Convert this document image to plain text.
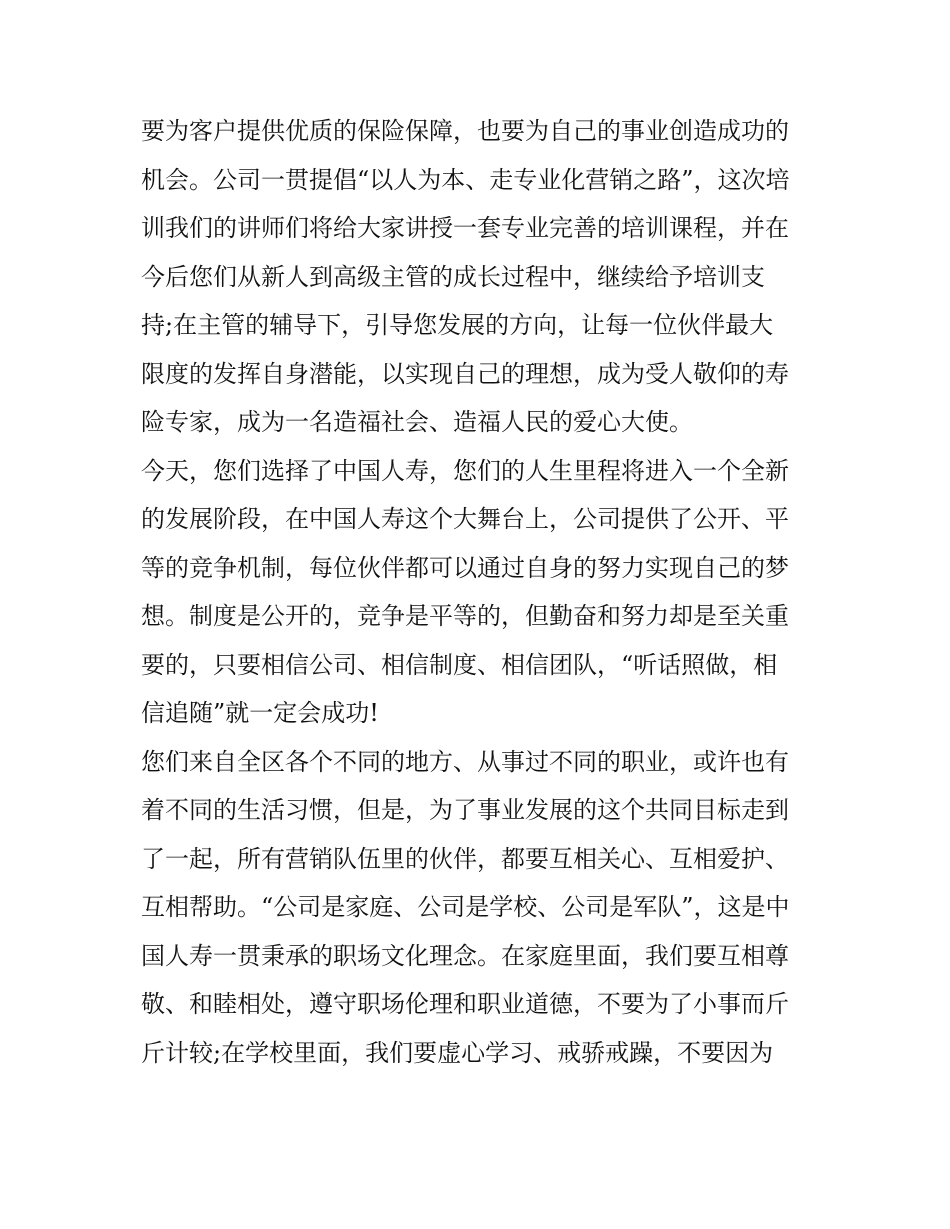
要为客户提供优质的保险保障，也要为自己的事业创造成功的
机会。公司一贯提倡“以人为本、走专业化营销之路”，这次培
训我们的讲师们将给大家讲授一套专业完善的培训课程，并在
今后您们从新人到高级主管的成长过程中，继续给予培训支
持;在主管的辅导下，引导您发展的方向，让每一位伙伴最大
限度的发挥自身潜能，以实现自己的理想，成为受人敬仰的寿
险专家，成为一名造福社会、造福人民的爱心大使。
今天，您们选择了中国人寿，您们的人生里程将进入一个全新
的发展阶段，在中国人寿这个大舞台上，公司提供了公开、平
等的竞争机制，每位伙伴都可以通过自身的努力实现自己的梦
想。制度是公开的，竞争是平等的，但勤奋和努力却是至关重
要的，只要相信公司、相信制度、相信团队，“听话照做，相
信追随”就一定会成功!
您们来自全区各个不同的地方、从事过不同的职业，或许也有
着不同的生活习惯，但是，为了事业发展的这个共同目标走到
了一起，所有营销队伍里的伙伴，都要互相关心、互相爱护、
互相帮助。“公司是家庭、公司是学校、公司是军队”，这是中
国人寿一贯秉承的职场文化理念。在家庭里面，我们要互相尊
敬、和睦相处，遵守职场伦理和职业道德，不要为了小事而斤
斤计较;在学校里面，我们要虚心学习、戒骄戒躁，不要因为
